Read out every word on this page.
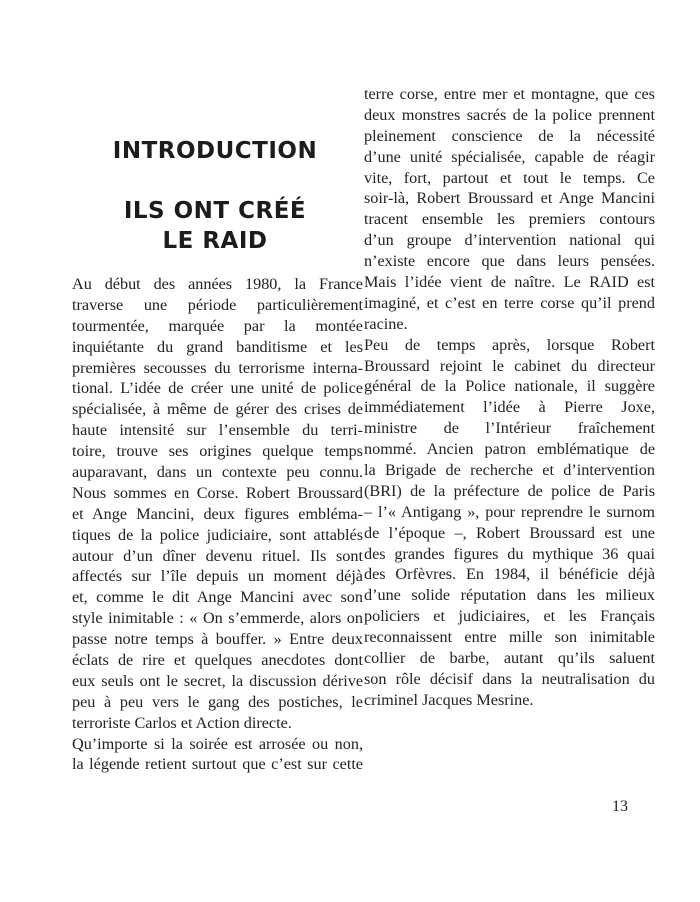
INTRODUCTION
ILS ONT CRÉÉ
LE RAID
Au début des années 1980, la France
traverse une période particulièrement
tourmentée, marquée par la montée
inquiétante du grand banditisme et les
premières secousses du terrorisme interna-
tional. L’idée de créer une unité de police
spécialisée, à même de gérer des crises de
haute intensité sur l’ensemble du terri-
toire, trouve ses origines quelque temps
auparavant, dans un contexte peu connu.
Nous sommes en Corse. Robert Broussard
et Ange Mancini, deux figures embléma-
tiques de la police judiciaire, sont attablés
autour d’un dîner devenu rituel. Ils sont
affectés sur l’île depuis un moment déjà
et, comme le dit Ange Mancini avec son
style inimitable : « On s’emmerde, alors on
passe notre temps à bouffer. » Entre deux
éclats de rire et quelques anecdotes dont
eux seuls ont le secret, la discussion dérive
peu à peu vers le gang des postiches, le
terroriste Carlos et Action directe.
Qu’importe si la soirée est arrosée ou non,
la légende retient surtout que c’est sur cette
terre corse, entre mer et montagne, que ces
deux monstres sacrés de la police prennent
pleinement conscience de la nécessité
d’une unité spécialisée, capable de réagir
vite, fort, partout et tout le temps. Ce
soir-là, Robert Broussard et Ange Mancini
tracent ensemble les premiers contours
d’un groupe d’intervention national qui
n’existe encore que dans leurs pensées.
Mais l’idée vient de naître. Le RAID est
imaginé, et c’est en terre corse qu’il prend
racine.
Peu de temps après, lorsque Robert
Broussard rejoint le cabinet du directeur
général de la Police nationale, il suggère
immédiatement l’idée à Pierre Joxe,
ministre de l’Intérieur fraîchement
nommé. Ancien patron emblématique de
la Brigade de recherche et d’intervention
(BRI) de la préfecture de police de Paris
– l’« Antigang », pour reprendre le surnom
de l’époque –, Robert Broussard est une
des grandes figures du mythique 36 quai
des Orfèvres. En 1984, il bénéficie déjà
d’une solide réputation dans les milieux
policiers et judiciaires, et les Français
reconnaissent entre mille son inimitable
collier de barbe, autant qu’ils saluent
son rôle décisif dans la neutralisation du
criminel Jacques Mesrine.
13
